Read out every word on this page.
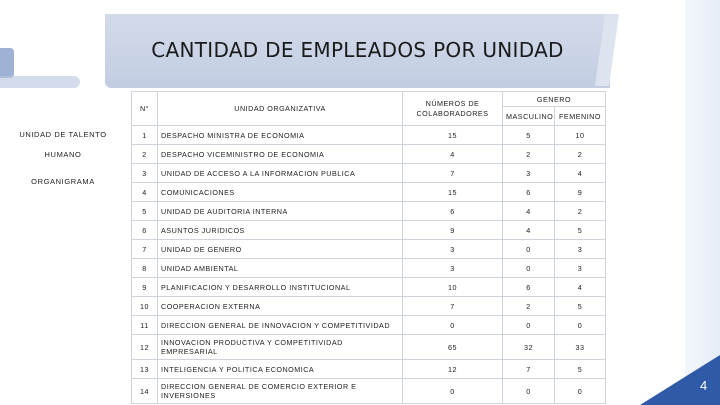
CANTIDAD DE EMPLEADOS POR UNIDAD
4
UNIDAD DE TALENTO
HUMANO
ORGANIGRAMA
N°	UNIDAD ORGANIZATIVA	NÚMEROS DE COLABORADORES	GENERO	
			MASCULINO	FEMENINO
1	DESPACHO MINISTRA DE ECONOMIA	15	5	10
2	DESPACHO VICEMINISTRO DE ECONOMIA	4	2	2
3	UNIDAD DE ACCESO A LA INFORMACION PUBLICA	7	3	4
4	COMUNICACIONES	15	6	9
5	UNIDAD DE AUDITORIA INTERNA	6	4	2
6	ASUNTOS JURIDICOS	9	4	5
7	UNIDAD DE GENERO	3	0	3
8	UNIDAD AMBIENTAL	3	0	3
9	PLANIFICACION Y DESARROLLO INSTITUCIONAL	10	6	4
10	COOPERACION EXTERNA	7	2	5
11	DIRECCION GENERAL DE INNOVACION Y COMPETITIVIDAD	0	0	0
12	INNOVACION PRODUCTIVA Y COMPETITIVIDAD EMPRESARIAL	65	32	33
13	INTELIGENCIA Y POLITICA ECONOMICA	12	7	5
14	DIRECCION GENERAL DE COMERCIO EXTERIOR E INVERSIONES	0	0	0
